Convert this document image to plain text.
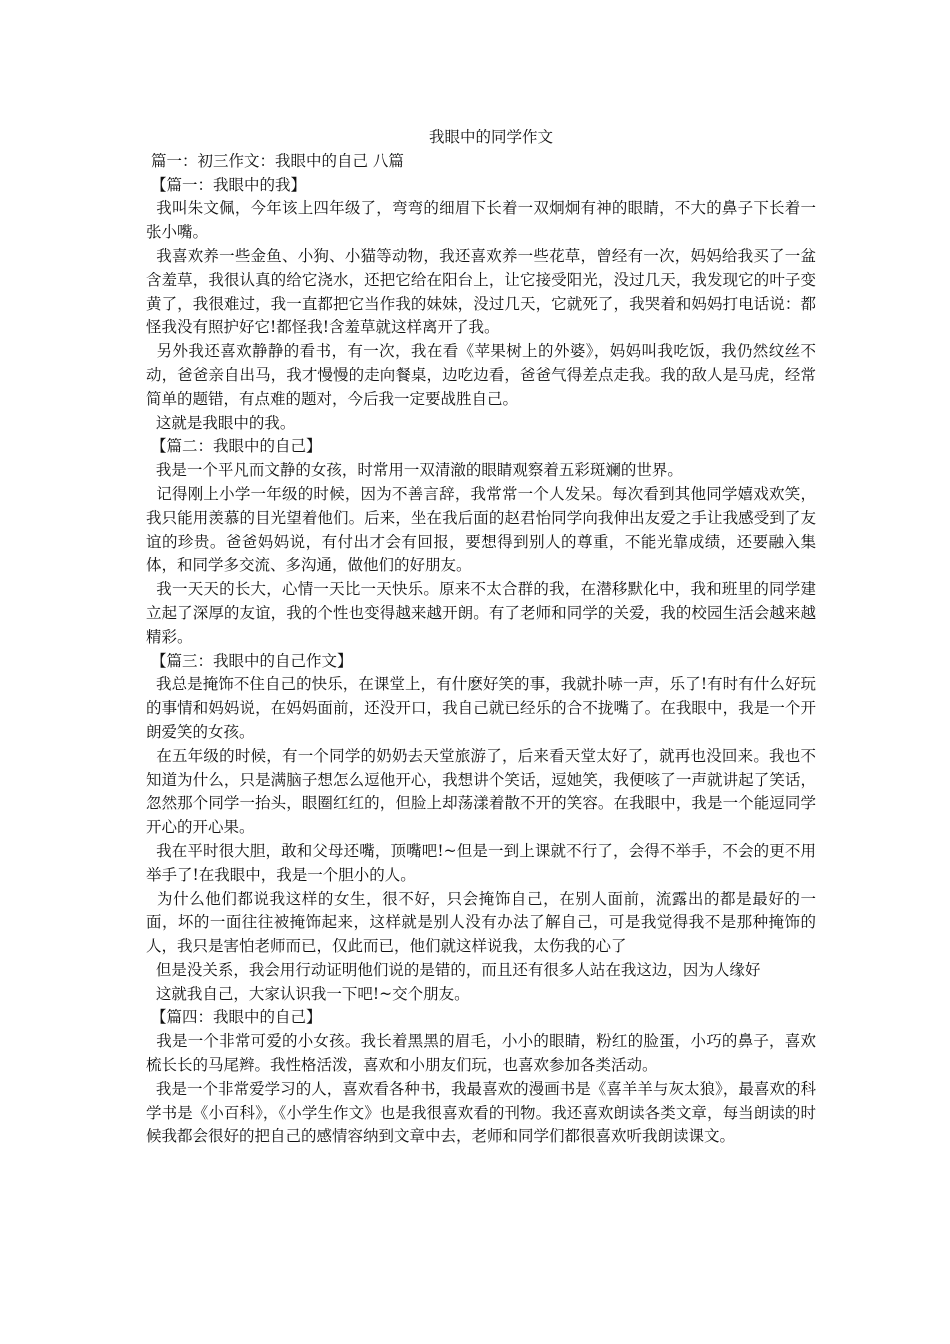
我眼中的同学作文

篇一：初三作文：我眼中的自己 八篇

【篇一：我眼中的我】

我叫朱文佩，今年该上四年级了，弯弯的细眉下长着一双炯炯有神的眼睛，不大的鼻子下长着一张小嘴。

我喜欢养一些金鱼、小狗、小猫等动物，我还喜欢养一些花草，曾经有一次，妈妈给我买了一盆含羞草，我很认真的给它浇水，还把它给在阳台上，让它接受阳光，没过几天，我发现它的叶子变黄了，我很难过，我一直都把它当作我的妹妹，没过几天，它就死了，我哭着和妈妈打电话说：都怪我没有照护好它!都怪我!含羞草就这样离开了我。

另外我还喜欢静静的看书，有一次，我在看《苹果树上的外婆》，妈妈叫我吃饭，我仍然纹丝不动，爸爸亲自出马，我才慢慢的走向餐桌，边吃边看，爸爸气得差点走我。我的敌人是马虎，经常简单的题错，有点难的题对，今后我一定要战胜自己。

这就是我眼中的我。

【篇二：我眼中的自己】

我是一个平凡而文静的女孩，时常用一双清澈的眼睛观察着五彩斑斓的世界。

记得刚上小学一年级的时候，因为不善言辞，我常常一个人发呆。每次看到其他同学嬉戏欢笑，我只能用羡慕的目光望着他们。后来，坐在我后面的赵君怡同学向我伸出友爱之手让我感受到了友谊的珍贵。爸爸妈妈说，有付出才会有回报，要想得到别人的尊重，不能光靠成绩，还要融入集体，和同学多交流、多沟通，做他们的好朋友。

我一天天的长大，心情一天比一天快乐。原来不太合群的我，在潜移默化中，我和班里的同学建立起了深厚的友谊，我的个性也变得越来越开朗。有了老师和同学的关爱，我的校园生活会越来越精彩。

【篇三：我眼中的自己作文】

我总是掩饰不住自己的快乐，在课堂上，有什麽好笑的事，我就扑哧一声，乐了!有时有什么好玩的事情和妈妈说，在妈妈面前，还没开口，我自己就已经乐的合不拢嘴了。在我眼中，我是一个开朗爱笑的女孩。

在五年级的时候，有一个同学的奶奶去天堂旅游了，后来看天堂太好了，就再也没回来。我也不知道为什么，只是满脑子想怎么逗他开心，我想讲个笑话，逗她笑，我便咳了一声就讲起了笑话，忽然那个同学一抬头，眼圈红红的，但脸上却荡漾着散不开的笑容。在我眼中，我是一个能逗同学开心的开心果。

我在平时很大胆，敢和父母还嘴，顶嘴吧!~但是一到上课就不行了，会得不举手，不会的更不用举手了!在我眼中，我是一个胆小的人。

为什么他们都说我这样的女生，很不好，只会掩饰自己，在别人面前，流露出的都是最好的一面，坏的一面往往被掩饰起来，这样就是别人没有办法了解自己，可是我觉得我不是那种掩饰的人，我只是害怕老师而已，仅此而已，他们就这样说我，太伤我的心了

但是没关系，我会用行动证明他们说的是错的，而且还有很多人站在我这边，因为人缘好

这就我自己，大家认识我一下吧!~交个朋友。

【篇四：我眼中的自己】

我是一个非常可爱的小女孩。我长着黑黑的眉毛，小小的眼睛，粉红的脸蛋，小巧的鼻子，喜欢梳长长的马尾辫。我性格活泼，喜欢和小朋友们玩，也喜欢参加各类活动。

我是一个非常爱学习的人，喜欢看各种书，我最喜欢的漫画书是《喜羊羊与灰太狼》，最喜欢的科学书是《小百科》，《小学生作文》也是我很喜欢看的刊物。我还喜欢朗读各类文章，每当朗读的时候我都会很好的把自己的感情容纳到文章中去，老师和同学们都很喜欢听我朗读课文。
